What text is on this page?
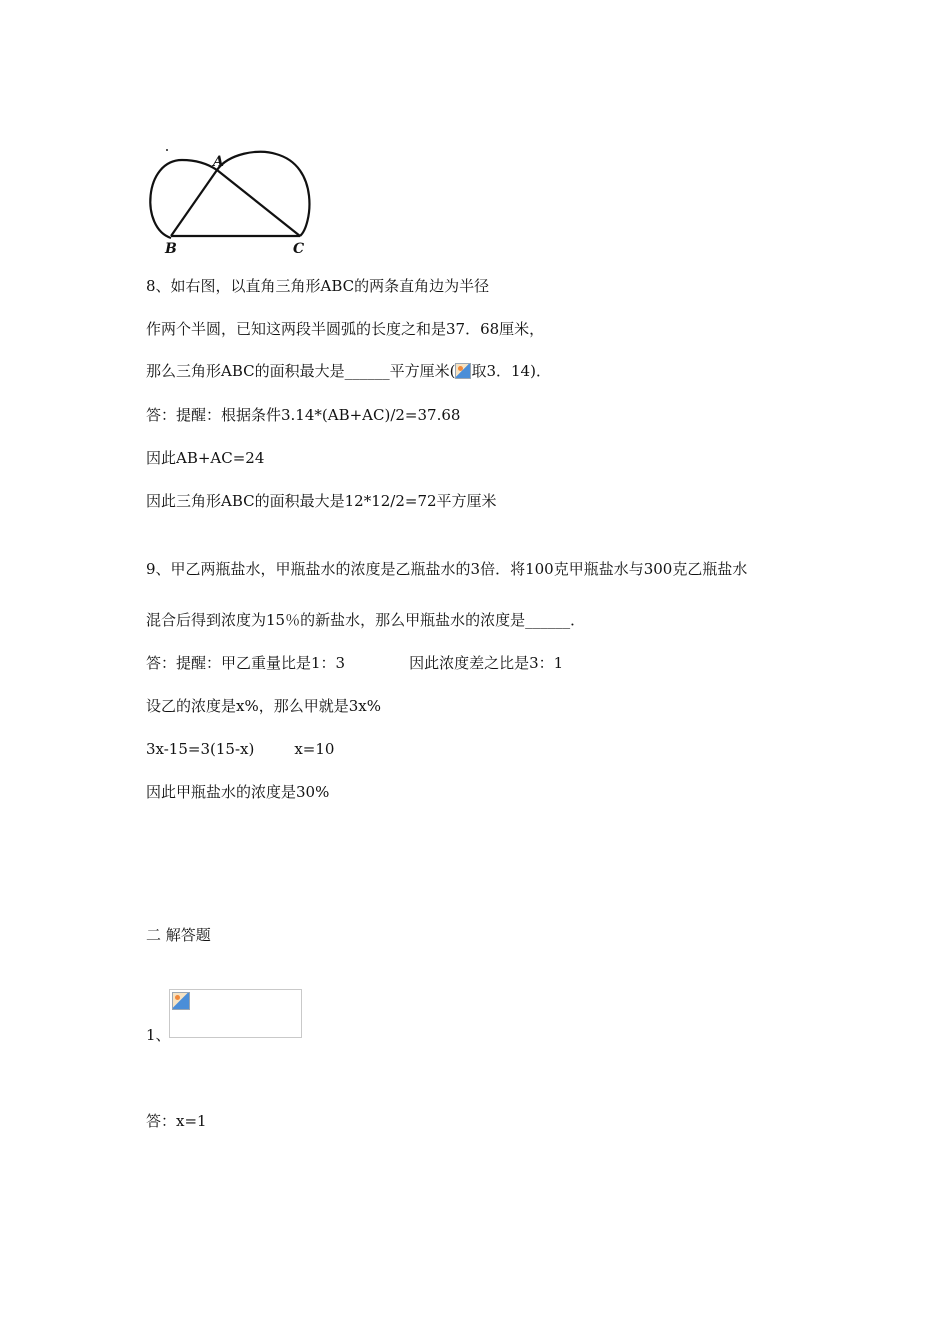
A
B	C
8、如右图，以直角三角形ABC的两条直角边为半径
作两个半圆，已知这两段半圆弧的长度之和是37．68厘米，
那么三角形ABC的面积最大是______平方厘米( 取3．14)．
答：提醒：根据条件3.14*(AB+AC)/2=37.68
因此AB+AC=24
因此三角形ABC的面积最大是12*12/2=72平方厘米
9、甲乙两瓶盐水，甲瓶盐水的浓度是乙瓶盐水的3倍．将100克甲瓶盐水与300克乙瓶盐水
混合后得到浓度为15％的新盐水，那么甲瓶盐水的浓度是______．
答：提醒：甲乙重量比是1：3	因此浓度差之比是3：1
设乙的浓度是x%，那么甲就是3x%
3x-15=3(15-x)	x=10
因此甲瓶盐水的浓度是30%
二 解答题
1、
答：x=1
